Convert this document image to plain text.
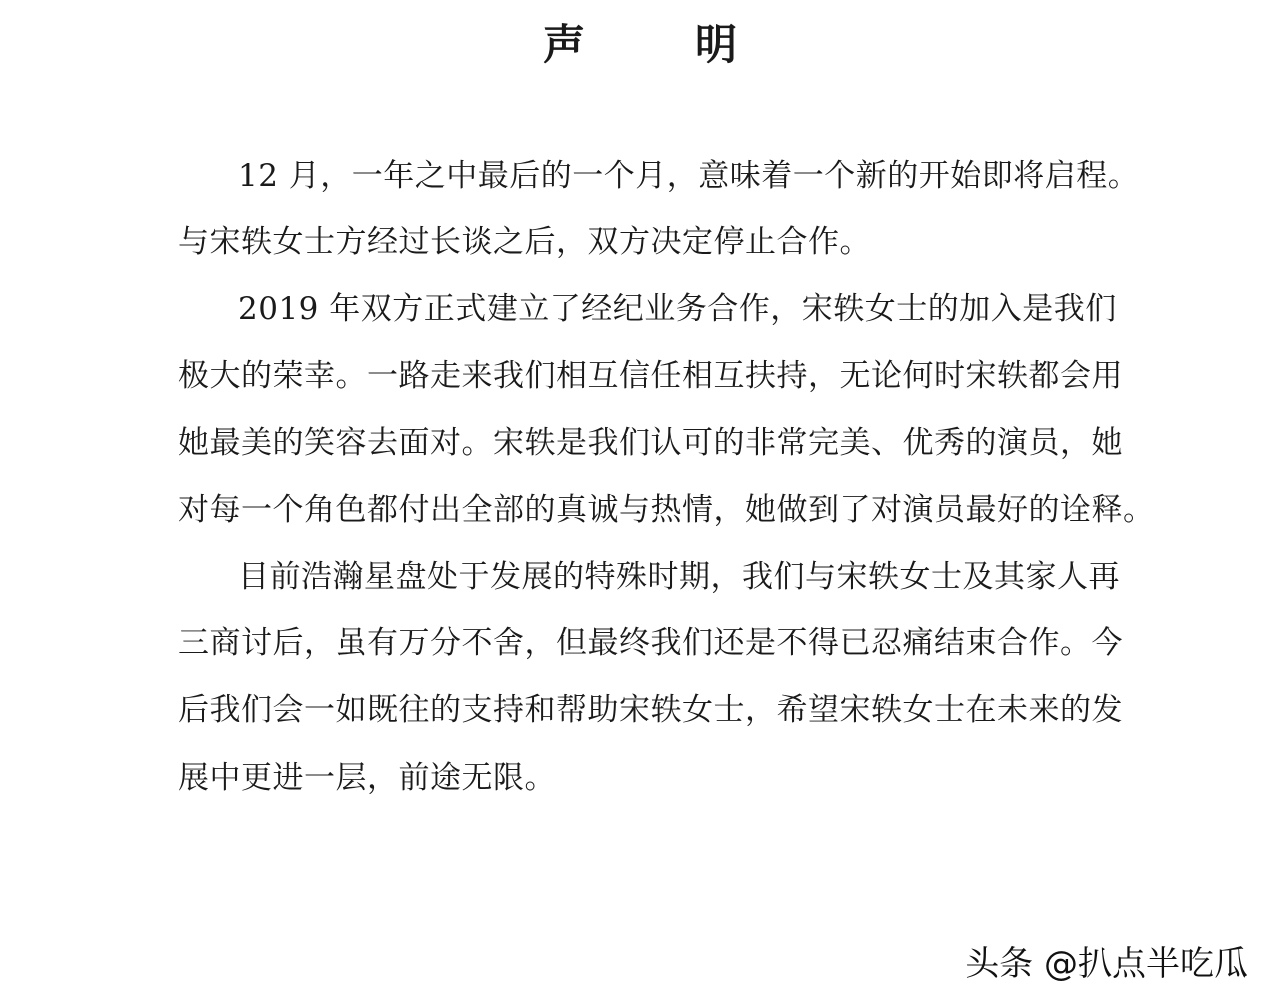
声	明

12 月，一年之中最后的一个月，意味着一个新的开始即将启程。

与宋轶女士方经过长谈之后，双方决定停止合作。

2019 年双方正式建立了经纪业务合作，宋轶女士的加入是我们

极大的荣幸。一路走来我们相互信任相互扶持，无论何时宋轶都会用

她最美的笑容去面对。宋轶是我们认可的非常完美、优秀的演员，她

对每一个角色都付出全部的真诚与热情，她做到了对演员最好的诠释。

目前浩瀚星盘处于发展的特殊时期，我们与宋轶女士及其家人再

三商讨后，虽有万分不舍，但最终我们还是不得已忍痛结束合作。今

后我们会一如既往的支持和帮助宋轶女士，希望宋轶女士在未来的发

展中更进一层，前途无限。

头条 @扒点半吃瓜
